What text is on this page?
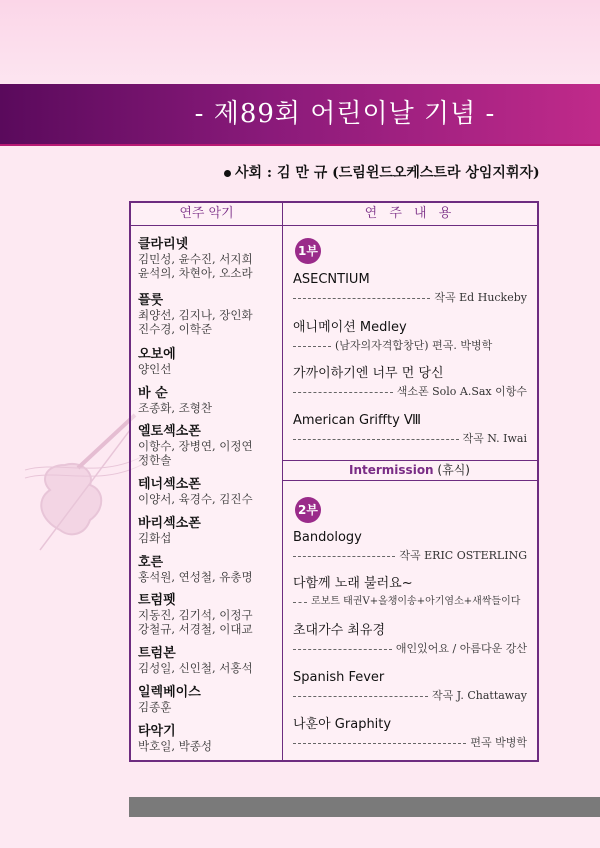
- 제89회 어린이날 기념 -
사회 : 김 만 규 (드림윈드오케스트라 상임지휘자)
연주 악기	연 주 내 용
클라리넷
김민성, 윤수진, 서지희
윤석의, 차현아, 오소라
플룻
최양선, 김지나, 장인화
진수경, 이학준
오보에
양인선
바 순
조종화, 조형찬
엘토섹소폰
이항수, 장병연, 이정연
정한솔
테너섹소폰
이양서, 육경수, 김진수
바리섹소폰
김화섭
호른
홍석원, 연성철, 유총명
트럼펫
지동진, 김기석, 이정구
강철규, 서경철, 이대교
트럼본
김성일, 신인철, 서홍석
일렉베이스
김종훈
타악기
박호일, 박종성
1부
ASECNTIUM
작곡 Ed Huckeby
애니메이션 Medley
(남자의자격합창단) 편곡. 박병학
가까이하기엔 너무 먼 당신
색소폰 Solo A.Sax 이항수
American Griffty Ⅷ
작곡 N. Iwai
Intermission (휴식)
2부
Bandology
작곡 ERIC OSTERLING
다함께 노래 불러요~
로보트 태권V+올챙이송+아기염소+새싹들이다
초대가수 최유경
애인있어요 / 아름다운 강산
Spanish Fever
작곡 J. Chattaway
나훈아 Graphity
편곡 박병학
